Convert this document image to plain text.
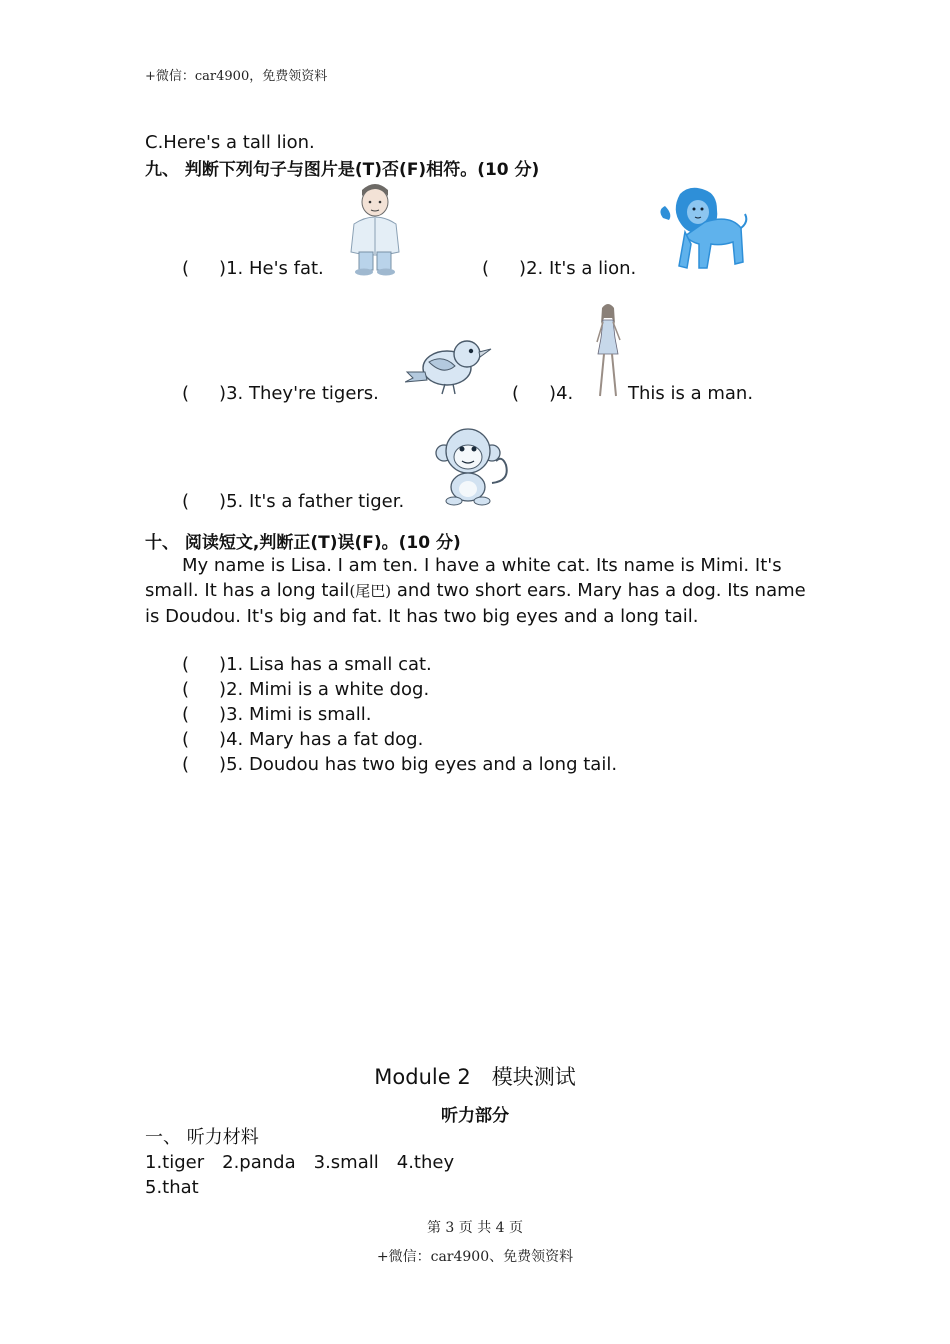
+微信：car4900，免费领资料
C.Here's a tall lion.
九、 判断下列句子与图片是(T)否(F)相符。(10 分)
( )1. He's fat.	( )2. It's a lion.
( )3. They're tigers.	( )4.	This is a man.
( )5. It's a father tiger.
十、 阅读短文,判断正(T)误(F)。(10 分)
My name is Lisa. I am ten. I have a white cat. Its name is Mimi. It's small. It has a long tail(尾巴) and two short ears. Mary has a dog. Its name is Doudou. It's big and fat. It has two big eyes and a long tail.
( )1. Lisa has a small cat.
( )2. Mimi is a white dog.
( )3. Mimi is small.
( )4. Mary has a fat dog.
( )5. Doudou has two big eyes and a long tail.
Module 2　模块测试
听力部分
一、 听力材料
1.tiger　2.panda　3.small　4.they
5.that
第 3 页 共 4 页
+微信：car4900、免费领资料
